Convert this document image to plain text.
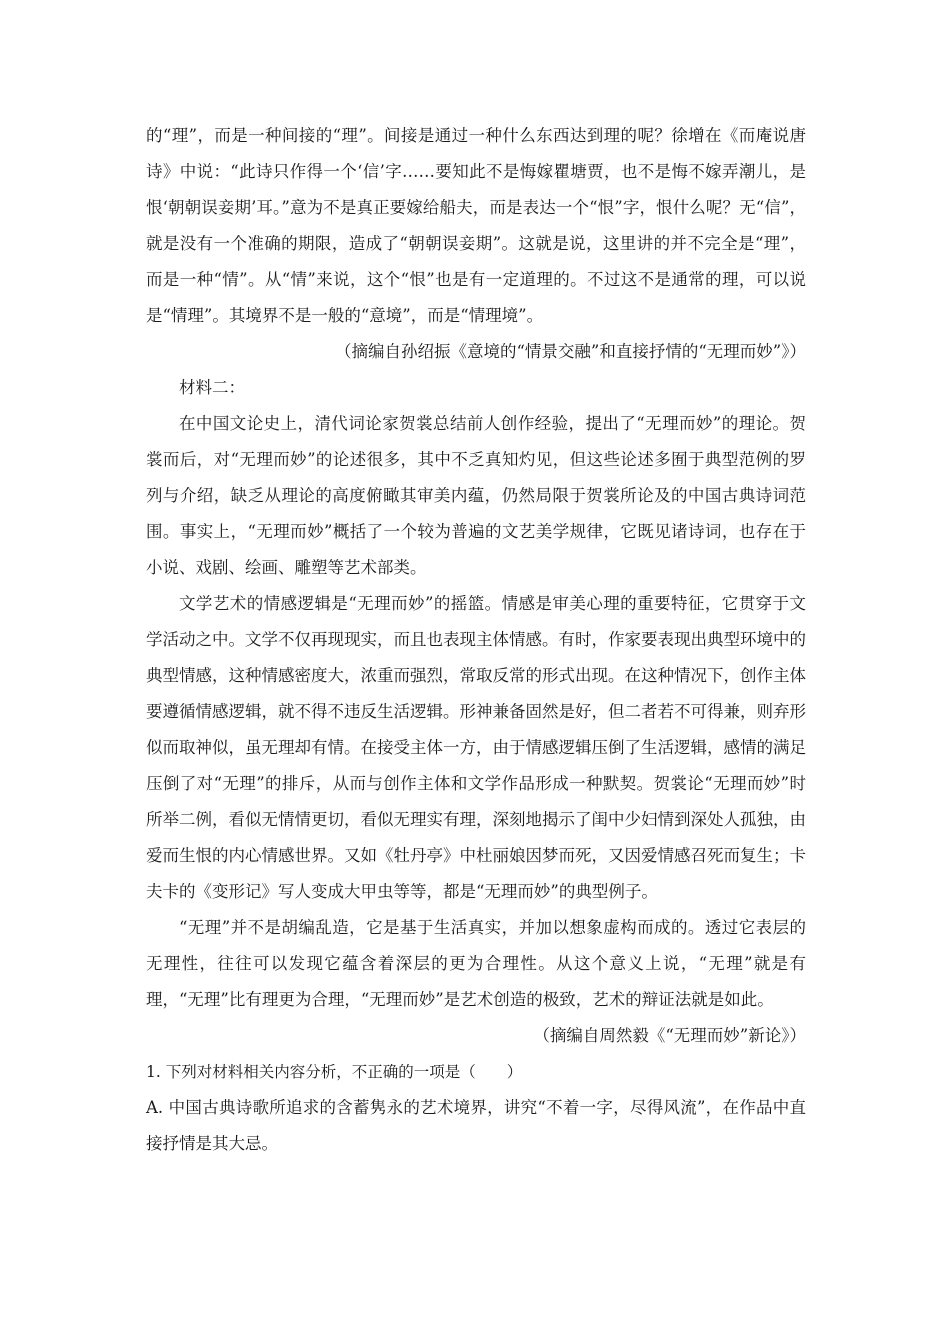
的“理”，而是一种间接的“理”。间接是通过一种什么东西达到理的呢？徐增在《而庵说唐诗》中说：“此诗只作得一个‘信’字……要知此不是悔嫁瞿塘贾，也不是悔不嫁弄潮儿，是恨‘朝朝误妾期’耳。”意为不是真正要嫁给船夫，而是表达一个“恨”字，恨什么呢？无“信”，就是没有一个准确的期限，造成了“朝朝误妾期”。这就是说，这里讲的并不完全是“理”，而是一种“情”。从“情”来说，这个“恨”也是有一定道理的。不过这不是通常的理，可以说是“情理”。其境界不是一般的“意境”，而是“情理境”。

（摘编自孙绍振《意境的“情景交融”和直接抒情的“无理而妙”》）

材料二：

在中国文论史上，清代词论家贺裳总结前人创作经验，提出了“无理而妙”的理论。贺裳而后，对“无理而妙”的论述很多，其中不乏真知灼见，但这些论述多囿于典型范例的罗列与介绍，缺乏从理论的高度俯瞰其审美内蕴，仍然局限于贺裳所论及的中国古典诗词范围。事实上，“无理而妙”概括了一个较为普遍的文艺美学规律，它既见诸诗词，也存在于小说、戏剧、绘画、雕塑等艺术部类。

文学艺术的情感逻辑是“无理而妙”的摇篮。情感是审美心理的重要特征，它贯穿于文学活动之中。文学不仅再现现实，而且也表现主体情感。有时，作家要表现出典型环境中的典型情感，这种情感密度大，浓重而强烈，常取反常的形式出现。在这种情况下，创作主体要遵循情感逻辑，就不得不违反生活逻辑。形神兼备固然是好，但二者若不可得兼，则弃形似而取神似，虽无理却有情。在接受主体一方，由于情感逻辑压倒了生活逻辑，感情的满足压倒了对“无理”的排斥，从而与创作主体和文学作品形成一种默契。贺裳论“无理而妙”时所举二例，看似无情情更切，看似无理实有理，深刻地揭示了闺中少妇情到深处人孤独，由爱而生恨的内心情感世界。又如《牡丹亭》中杜丽娘因梦而死，又因爱情感召死而复生；卡夫卡的《变形记》写人变成大甲虫等等，都是“无理而妙”的典型例子。

“无理”并不是胡编乱造，它是基于生活真实，并加以想象虚构而成的。透过它表层的无理性，往往可以发现它蕴含着深层的更为合理性。从这个意义上说，“无理”就是有理，“无理”比有理更为合理，“无理而妙”是艺术创造的极致，艺术的辩证法就是如此。

（摘编自周然毅《“无理而妙”新论》）

1. 下列对材料相关内容分析，不正确的一项是（　　）

A. 中国古典诗歌所追求的含蓄隽永的艺术境界，讲究“不着一字，尽得风流”，在作品中直接抒情是其大忌。
